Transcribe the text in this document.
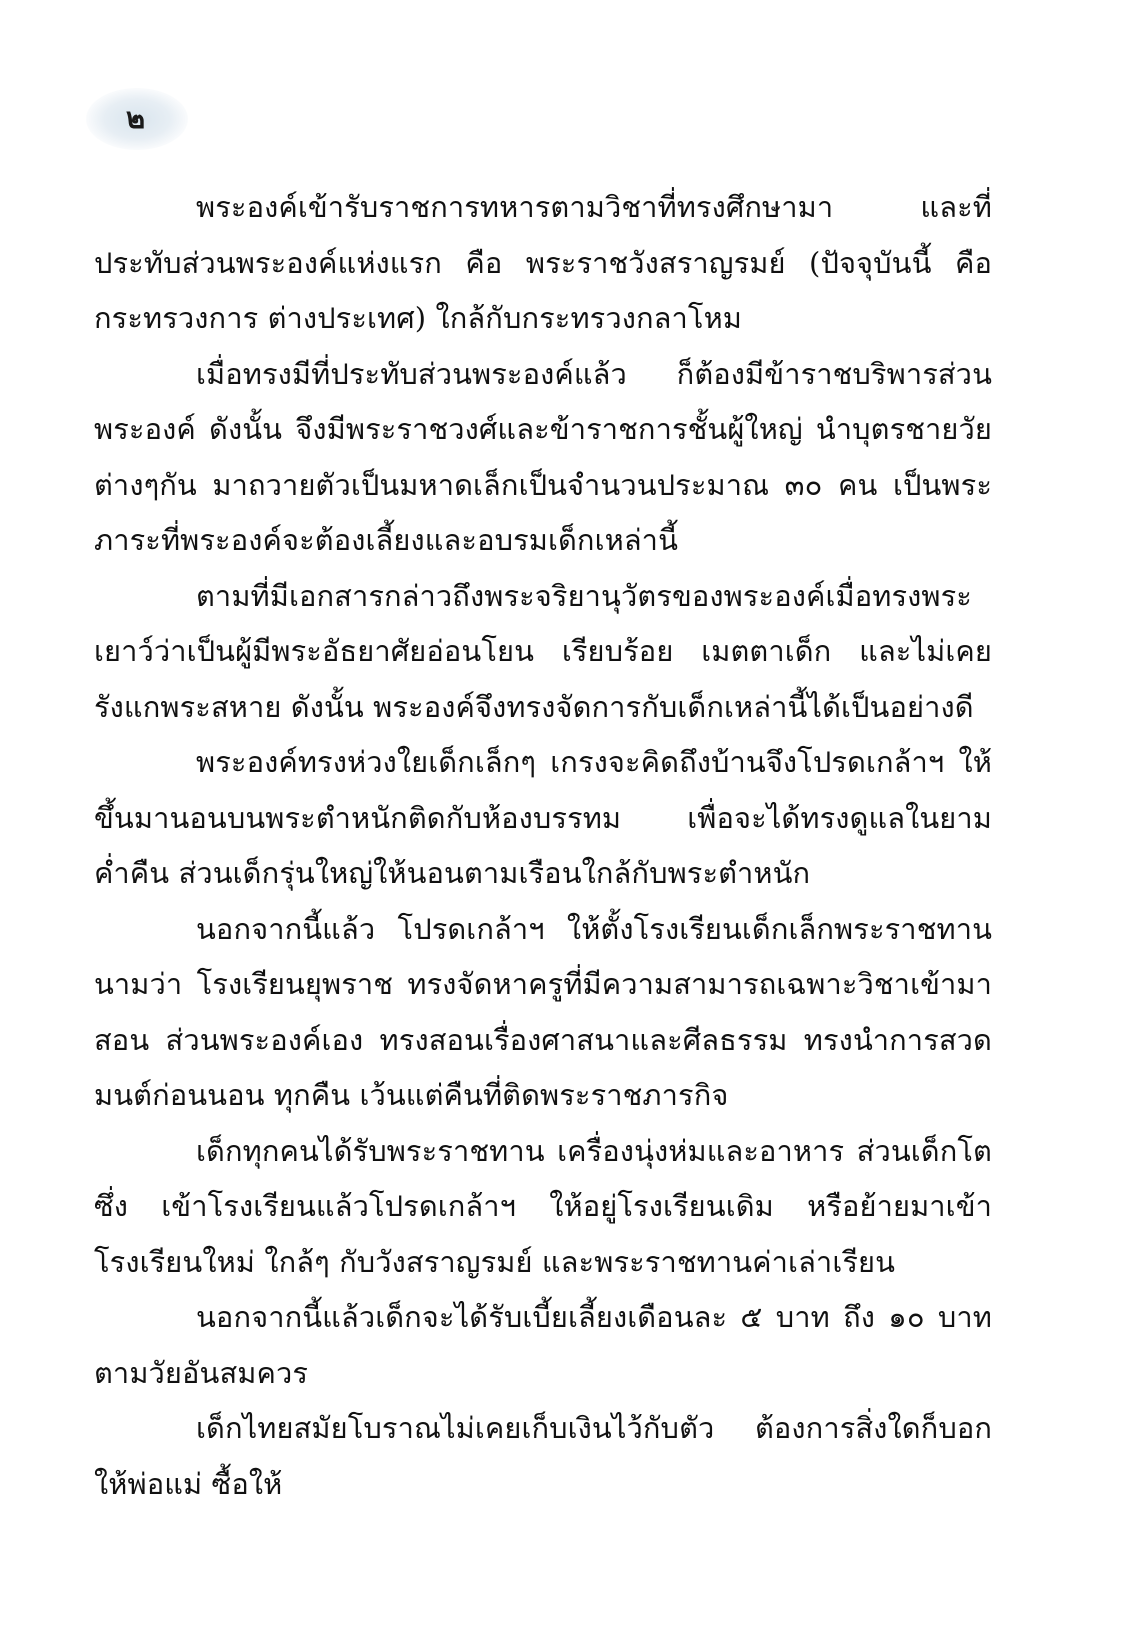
๒

พระองค์เข้ารับราชการทหารตามวิชาที่ทรงศึกษามา และที่ประทับส่วนพระองค์แห่งแรก คือ พระราชวังสราญรมย์ (ปัจจุบันนี้ คือกระทรวงการ ต่างประเทศ) ใกล้กับกระทรวงกลาโหม

เมื่อทรงมีที่ประทับส่วนพระองค์แล้ว ก็ต้องมีข้าราชบริพารส่วนพระองค์ ดังนั้น จึงมีพระราชวงศ์และข้าราชการชั้นผู้ใหญ่ นำบุตรชายวัยต่างๆกัน มาถวายตัวเป็นมหาดเล็กเป็นจำนวนประมาณ ๓๐ คน เป็นพระภาระที่พระองค์จะต้องเลี้ยงและอบรมเด็กเหล่านี้

ตามที่มีเอกสารกล่าวถึงพระจริยานุวัตรของพระองค์เมื่อทรงพระเยาว์ว่าเป็นผู้มีพระอัธยาศัยอ่อนโยน เรียบร้อย เมตตาเด็ก และไม่เคยรังแกพระสหาย ดังนั้น พระองค์จึงทรงจัดการกับเด็กเหล่านี้ได้เป็นอย่างดี

พระองค์ทรงห่วงใยเด็กเล็กๆ เกรงจะคิดถึงบ้านจึงโปรดเกล้าฯ ให้ขึ้นมานอนบนพระตำหนักติดกับห้องบรรทม เพื่อจะได้ทรงดูแลในยามค่ำคืน ส่วนเด็กรุ่นใหญ่ให้นอนตามเรือนใกล้กับพระตำหนัก

นอกจากนี้แล้ว โปรดเกล้าฯ ให้ตั้งโรงเรียนเด็กเล็กพระราชทานนามว่า โรงเรียนยุพราช ทรงจัดหาครูที่มีความสามารถเฉพาะวิชาเข้ามาสอน ส่วนพระองค์เอง ทรงสอนเรื่องศาสนาและศีลธรรม ทรงนำการสวดมนต์ก่อนนอน ทุกคืน เว้นแต่คืนที่ติดพระราชภารกิจ

เด็กทุกคนได้รับพระราชทาน เครื่องนุ่งห่มและอาหาร ส่วนเด็กโตซึ่ง เข้าโรงเรียนแล้วโปรดเกล้าฯ ให้อยู่โรงเรียนเดิม หรือย้ายมาเข้าโรงเรียนใหม่ ใกล้ๆ กับวังสราญรมย์ และพระราชทานค่าเล่าเรียน

นอกจากนี้แล้วเด็กจะได้รับเบี้ยเลี้ยงเดือนละ ๕ บาท ถึง ๑๐ บาท ตามวัยอันสมควร

เด็กไทยสมัยโบราณไม่เคยเก็บเงินไว้กับตัว ต้องการสิ่งใดก็บอกให้พ่อแม่ ซื้อให้
